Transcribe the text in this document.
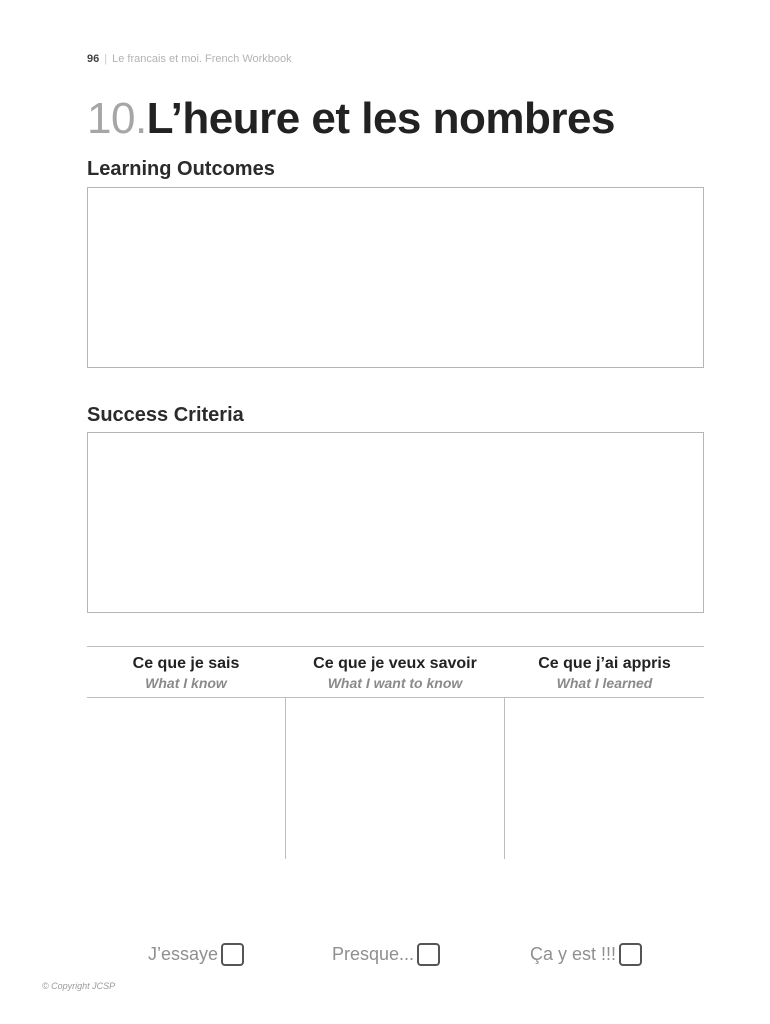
96 | Le francais et moi. French Workbook
10.L’heure et les nombres
Learning Outcomes
Success Criteria
Ce que je sais
What I know
Ce que je veux savoir
What I want to know
Ce que j’ai appris
What I learned
J’essaye	Presque...	Ça y est !!!
© Copyright JCSP
